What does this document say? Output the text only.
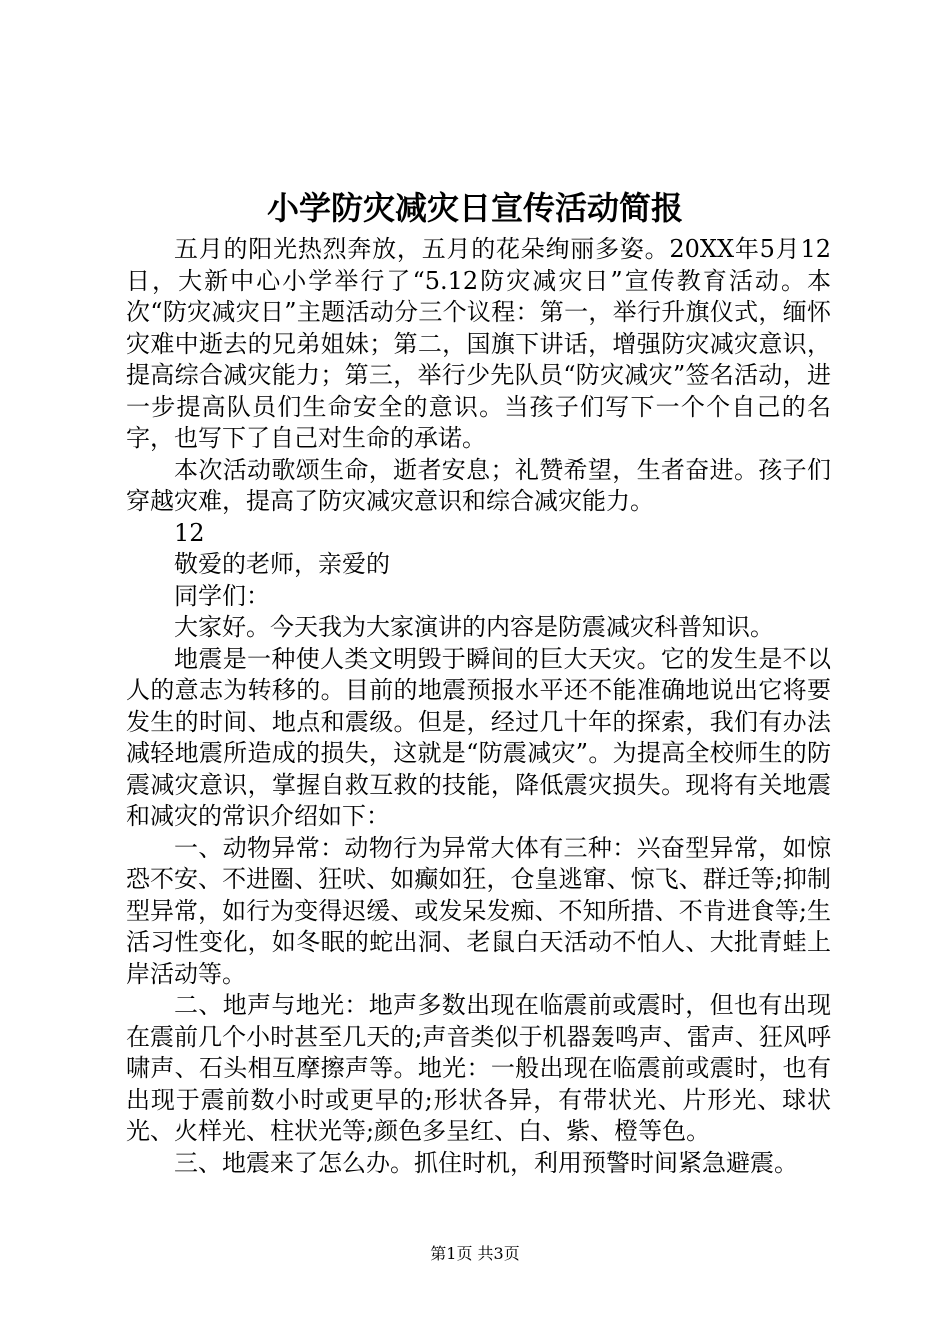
小学防灾减灾日宣传活动简报

五月的阳光热烈奔放，五月的花朵绚丽多姿。20XX年5月12日，大新中心小学举行了“5.12防灾减灾日”宣传教育活动。本次“防灾减灾日”主题活动分三个议程：第一，举行升旗仪式，缅怀灾难中逝去的兄弟姐妹；第二，国旗下讲话，增强防灾减灾意识，提高综合减灾能力；第三，举行少先队员“防灾减灾”签名活动，进一步提高队员们生命安全的意识。当孩子们写下一个个自己的名字，也写下了自己对生命的承诺。

本次活动歌颂生命，逝者安息；礼赞希望，生者奋进。孩子们穿越灾难，提高了防灾减灾意识和综合减灾能力。

12

敬爱的老师，亲爱的

同学们：

大家好。今天我为大家演讲的内容是防震减灾科普知识。

地震是一种使人类文明毁于瞬间的巨大天灾。它的发生是不以人的意志为转移的。目前的地震预报水平还不能准确地说出它将要发生的时间、地点和震级。但是，经过几十年的探索，我们有办法减轻地震所造成的损失，这就是“防震减灾”。为提高全校师生的防震减灾意识，掌握自救互救的技能，降低震灾损失。现将有关地震和减灾的常识介绍如下：

一、动物异常：动物行为异常大体有三种：兴奋型异常，如惊恐不安、不进圈、狂吠、如癫如狂，仓皇逃窜、惊飞、群迁等;抑制型异常，如行为变得迟缓、或发呆发痴、不知所措、不肯进食等;生活习性变化，如冬眠的蛇出洞、老鼠白天活动不怕人、大批青蛙上岸活动等。

二、地声与地光：地声多数出现在临震前或震时，但也有出现在震前几个小时甚至几天的;声音类似于机器轰鸣声、雷声、狂风呼啸声、石头相互摩擦声等。地光：一般出现在临震前或震时，也有出现于震前数小时或更早的;形状各异，有带状光、片形光、球状光、火样光、柱状光等;颜色多呈红、白、紫、橙等色。

三、地震来了怎么办。抓住时机，利用预警时间紧急避震。

第1页 共3页
